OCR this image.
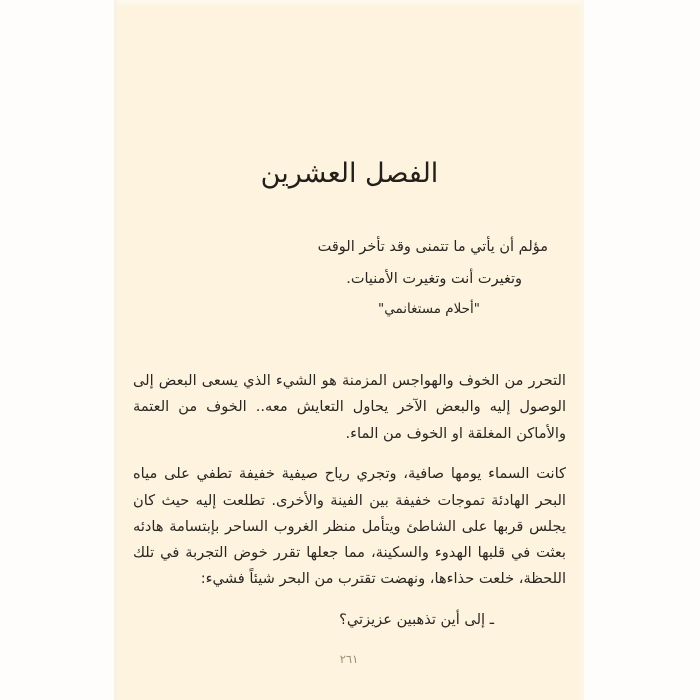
الفصل العشرين
مؤلم أن يأتي ما تتمنى وقد تأخر الوقت
وتغيرت أنت وتغيرت الأمنيات.
"أحلام مستغانمي"

التحرر من الخوف والهواجس المزمنة هو الشيء الذي يسعى البعض إلى الوصول إليه والبعض الآخر يحاول التعايش معه.. الخوف من العتمة والأماكن المغلقة او الخوف من الماء.

كانت السماء يومها صافية، وتجري رياح صيفية خفيفة تطفي على مياه البحر الهادئة تموجات خفيفة بين الفينة والأخرى. تطلعت إليه حيث كان يجلس قربها على الشاطئ ويتأمل منظر الغروب الساحر بإبتسامة هادئه بعثت في قلبها الهدوء والسكينة، مما جعلها تقرر خوض التجربة في تلك اللحظة، خلعت حذاءها، ونهضت تقترب من البحر شيئاً فشيء:

ـ إلى أين تذهبين عزيزتي؟

٢٦١
